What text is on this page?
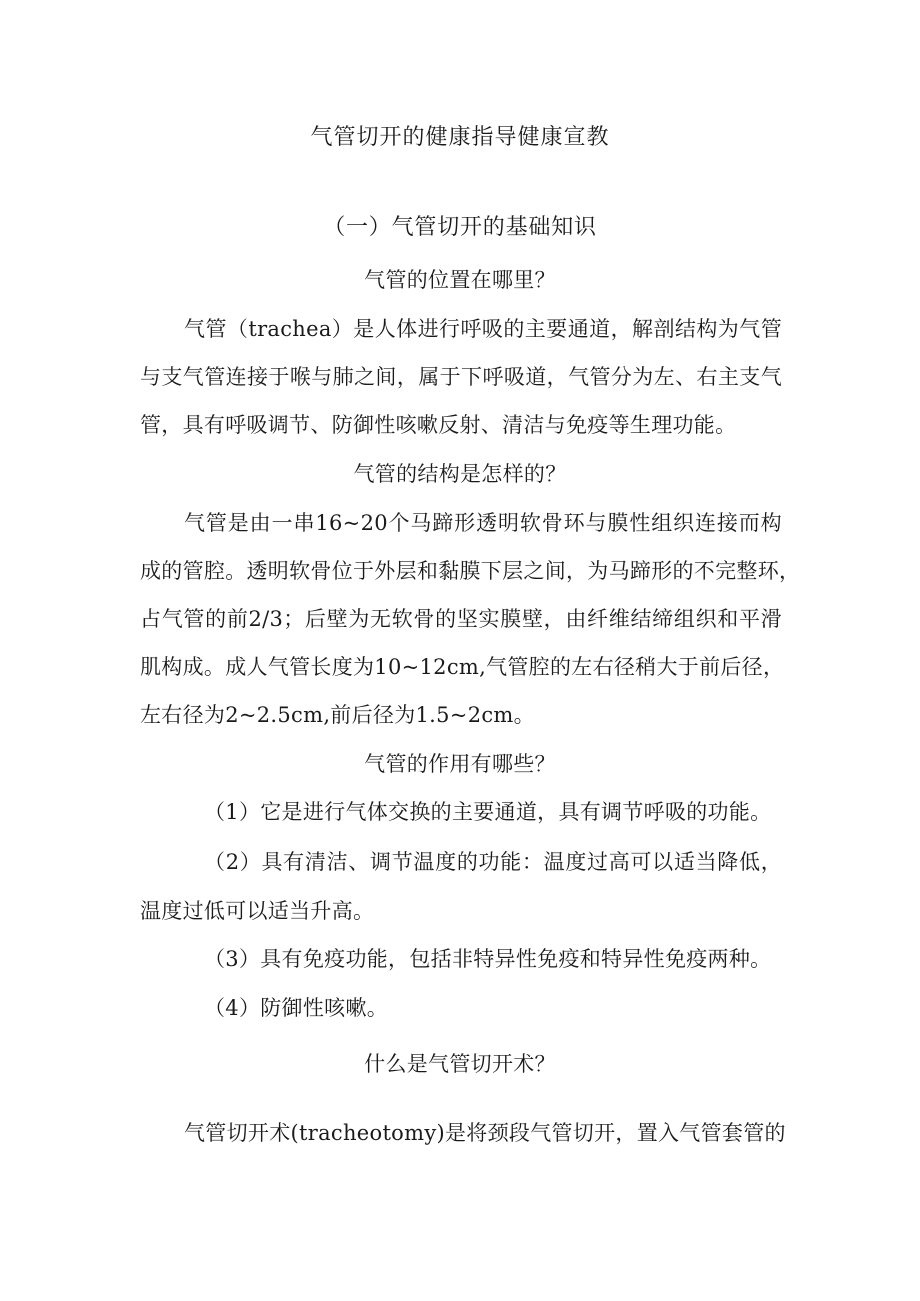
气管切开的健康指导健康宣教
（一）气管切开的基础知识
气管的位置在哪里？
气管（trachea）是人体进行呼吸的主要通道，解剖结构为气管
与支气管连接于喉与肺之间，属于下呼吸道，气管分为左、右主支气
管，具有呼吸调节、防御性咳嗽反射、清洁与免疫等生理功能。
气管的结构是怎样的？
气管是由一串16~20个马蹄形透明软骨环与膜性组织连接而构
成的管腔。透明软骨位于外层和黏膜下层之间，为马蹄形的不完整环，
占气管的前2/3；后壁为无软骨的坚实膜壁，由纤维结缔组织和平滑
肌构成。成人气管长度为10~12cm,气管腔的左右径稍大于前后径，
左右径为2~2.5cm,前后径为1.5~2cm。
气管的作用有哪些？
（1）它是进行气体交换的主要通道，具有调节呼吸的功能。
（2）具有清洁、调节温度的功能：温度过高可以适当降低，
温度过低可以适当升高。
（3）具有免疫功能，包括非特异性免疫和特异性免疫两种。
（4）防御性咳嗽。
什么是气管切开术？
气管切开术(tracheotomy)是将颈段气管切开，置入气管套管的
